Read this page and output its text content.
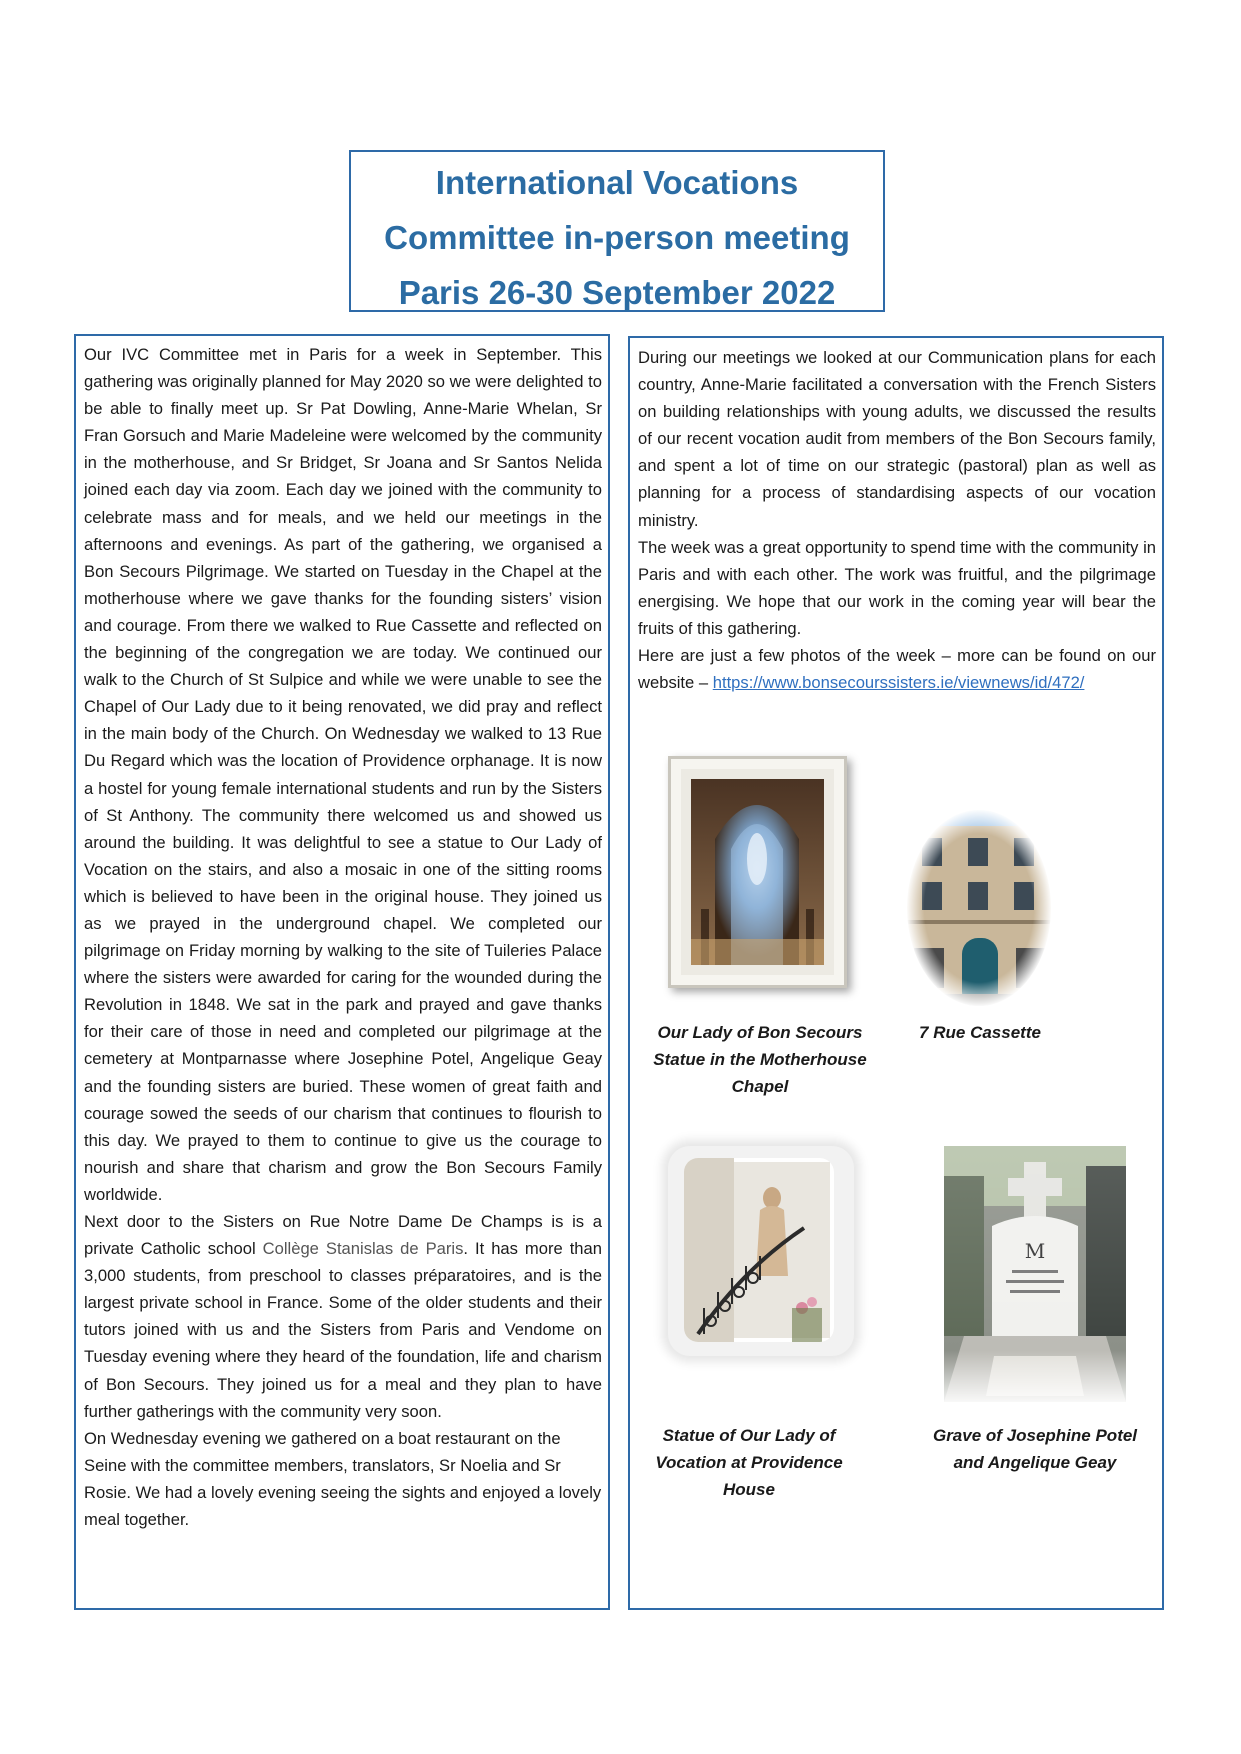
International Vocations
Committee in-person meeting
Paris 26-30 September 2022

Our IVC Committee met in Paris for a week in September. This gathering was originally planned for May 2020 so we were delighted to be able to finally meet up. Sr Pat Dowling, Anne-Marie Whelan, Sr Fran Gorsuch and Marie Madeleine were welcomed by the community in the motherhouse, and Sr Bridget, Sr Joana and Sr Santos Nelida joined each day via zoom. Each day we joined with the community to celebrate mass and for meals, and we held our meetings in the afternoons and evenings. As part of the gathering, we organised a Bon Secours Pilgrimage. We started on Tuesday in the Chapel at the motherhouse where we gave thanks for the founding sisters’ vision and courage. From there we walked to Rue Cassette and reflected on the beginning of the congregation we are today. We continued our walk to the Church of St Sulpice and while we were unable to see the Chapel of Our Lady due to it being renovated, we did pray and reflect in the main body of the Church. On Wednesday we walked to 13 Rue Du Regard which was the location of Providence orphanage. It is now a hostel for young female international students and run by the Sisters of St Anthony. The community there welcomed us and showed us around the building. It was delightful to see a statue to Our Lady of Vocation on the stairs, and also a mosaic in one of the sitting rooms which is believed to have been in the original house. They joined us as we prayed in the underground chapel. We completed our pilgrimage on Friday morning by walking to the site of Tuileries Palace where the sisters were awarded for caring for the wounded during the Revolution in 1848. We sat in the park and prayed and gave thanks for their care of those in need and completed our pilgrimage at the cemetery at Montparnasse where Josephine Potel, Angelique Geay and the founding sisters are buried. These women of great faith and courage sowed the seeds of our charism that continues to flourish to this day. We prayed to them to continue to give us the courage to nourish and share that charism and grow the Bon Secours Family worldwide.

Next door to the Sisters on Rue Notre Dame De Champs is is a private Catholic school Collège Stanislas de Paris. It has more than 3,000 students, from preschool to classes préparatoires, and is the largest private school in France. Some of the older students and their tutors joined with us and the Sisters from Paris and Vendome on Tuesday evening where they heard of the foundation, life and charism of Bon Secours. They joined us for a meal and they plan to have further gatherings with the community very soon.

On Wednesday evening we gathered on a boat restaurant on the Seine with the committee members, translators, Sr Noelia and Sr Rosie. We had a lovely evening seeing the sights and enjoyed a lovely meal together.

During our meetings we looked at our Communication plans for each country, Anne-Marie facilitated a conversation with the French Sisters on building relationships with young adults, we discussed the results of our recent vocation audit from members of the Bon Secours family, and spent a lot of time on our strategic (pastoral) plan as well as planning for a process of standardising aspects of our vocation ministry.

The week was a great opportunity to spend time with the community in Paris and with each other. The work was fruitful, and the pilgrimage energising. We hope that our work in the coming year will bear the fruits of this gathering.

Here are just a few photos of the week – more can be found on our website – https://www.bonsecourssisters.ie/viewnews/id/472/

Our Lady of Bon Secours
Statue in the Motherhouse
Chapel
7 Rue Cassette
Statue of Our Lady of
Vocation at Providence
House
Grave of Josephine Potel
and Angelique Geay
